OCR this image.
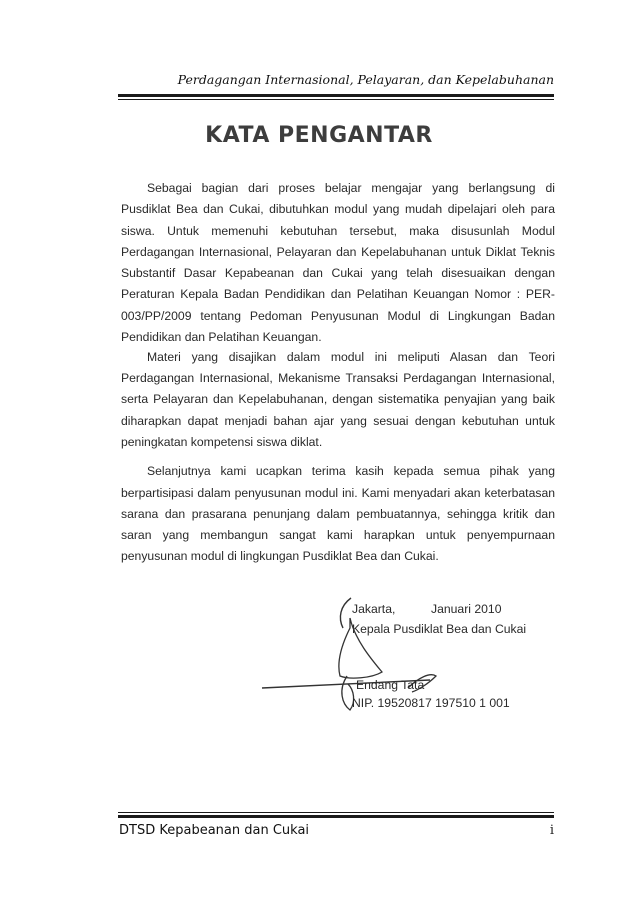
Perdagangan Internasional, Pelayaran, dan Kepelabuhanan
KATA PENGANTAR
Sebagai bagian dari proses belajar mengajar yang berlangsung di
Pusdiklat Bea dan Cukai, dibutuhkan modul yang mudah dipelajari oleh para
siswa. Untuk memenuhi kebutuhan tersebut, maka disusunlah Modul
Perdagangan Internasional, Pelayaran dan Kepelabuhanan untuk Diklat Teknis
Substantif Dasar Kepabeanan dan Cukai yang telah disesuaikan dengan
Peraturan Kepala Badan Pendidikan dan Pelatihan Keuangan Nomor : PER-
003/PP/2009 tentang Pedoman Penyusunan Modul di Lingkungan Badan
Pendidikan dan Pelatihan Keuangan.
Materi yang disajikan dalam modul ini meliputi Alasan dan Teori
Perdagangan Internasional, Mekanisme Transaksi Perdagangan Internasional,
serta Pelayaran dan Kepelabuhanan, dengan sistematika penyajian yang baik
diharapkan dapat menjadi bahan ajar yang sesuai dengan kebutuhan untuk
peningkatan kompetensi siswa diklat.
Selanjutnya kami ucapkan terima kasih kepada semua pihak yang
berpartisipasi dalam penyusunan modul ini. Kami menyadari akan keterbatasan
sarana dan prasarana penunjang dalam pembuatannya, sehingga kritik dan
saran yang membangun sangat kami harapkan untuk penyempurnaan
penyusunan modul di lingkungan Pusdiklat Bea dan Cukai.
Jakarta,	Januari 2010
Kepala Pusdiklat Bea dan Cukai
Endang Tata
NIP. 19520817 197510 1 001
DTSD Kepabeanan dan Cukai	i
